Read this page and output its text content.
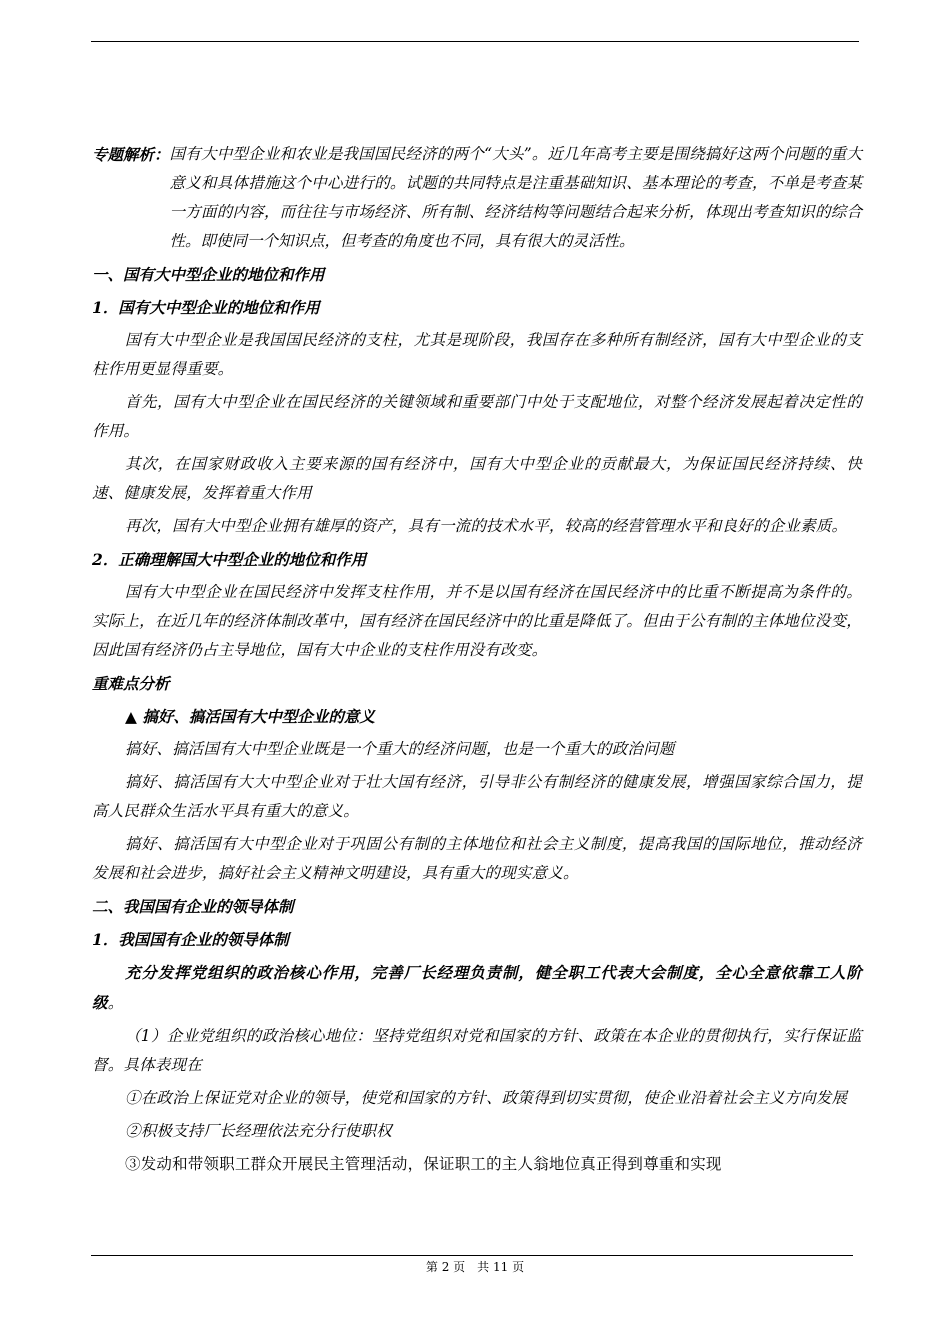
专题解析： 国有大中型企业和农业是我国国民经济的两个“大头”。近几年高考主要是围绕搞好这两个问题的重大意义和具体措施这个中心进行的。试题的共同特点是注重基础知识、基本理论的考查，不单是考查某一方面的内容，而往往与市场经济、所有制、经济结构等问题结合起来分析，体现出考查知识的综合性。即使同一个知识点，但考查的角度也不同，具有很大的灵活性。
一、国有大中型企业的地位和作用
1．国有大中型企业的地位和作用

国有大中型企业是我国国民经济的支柱，尤其是现阶段，我国存在多种所有制经济，国有大中型企业的支柱作用更显得重要。

首先，国有大中型企业在国民经济的关键领域和重要部门中处于支配地位，对整个经济发展起着决定性的作用。

其次，在国家财政收入主要来源的国有经济中，国有大中型企业的贡献最大，为保证国民经济持续、快速、健康发展，发挥着重大作用

再次，国有大中型企业拥有雄厚的资产，具有一流的技术水平，较高的经营管理水平和良好的企业素质。

2．正确理解国大中型企业的地位和作用

国有大中型企业在国民经济中发挥支柱作用，并不是以国有经济在国民经济中的比重不断提高为条件的。实际上，在近几年的经济体制改革中，国有经济在国民经济中的比重是降低了。但由于公有制的主体地位没变，因此国有经济仍占主导地位，国有大中企业的支柱作用没有改变。

重难点分析
▲ 搞好、搞活国有大中型企业的意义

搞好、搞活国有大中型企业既是一个重大的经济问题，也是一个重大的政治问题

搞好、搞活国有大大中型企业对于壮大国有经济，引导非公有制经济的健康发展，增强国家综合国力，提高人民群众生活水平具有重大的意义。

搞好、搞活国有大中型企业对于巩固公有制的主体地位和社会主义制度，提高我国的国际地位，推动经济发展和社会进步，搞好社会主义精神文明建设，具有重大的现实意义。

二、我国国有企业的领导体制
1．我国国有企业的领导体制

充分发挥党组织的政治核心作用，完善厂长经理负责制，健全职工代表大会制度，全心全意依靠工人阶级。

（1）企业党组织的政治核心地位：坚持党组织对党和国家的方针、政策在本企业的贯彻执行，实行保证监督。具体表现在

①在政治上保证党对企业的领导，使党和国家的方针、政策得到切实贯彻，使企业沿着社会主义方向发展

②积极支持厂长经理依法充分行使职权

③发动和带领职工群众开展民主管理活动，保证职工的主人翁地位真正得到尊重和实现

第 2 页　共 11 页
